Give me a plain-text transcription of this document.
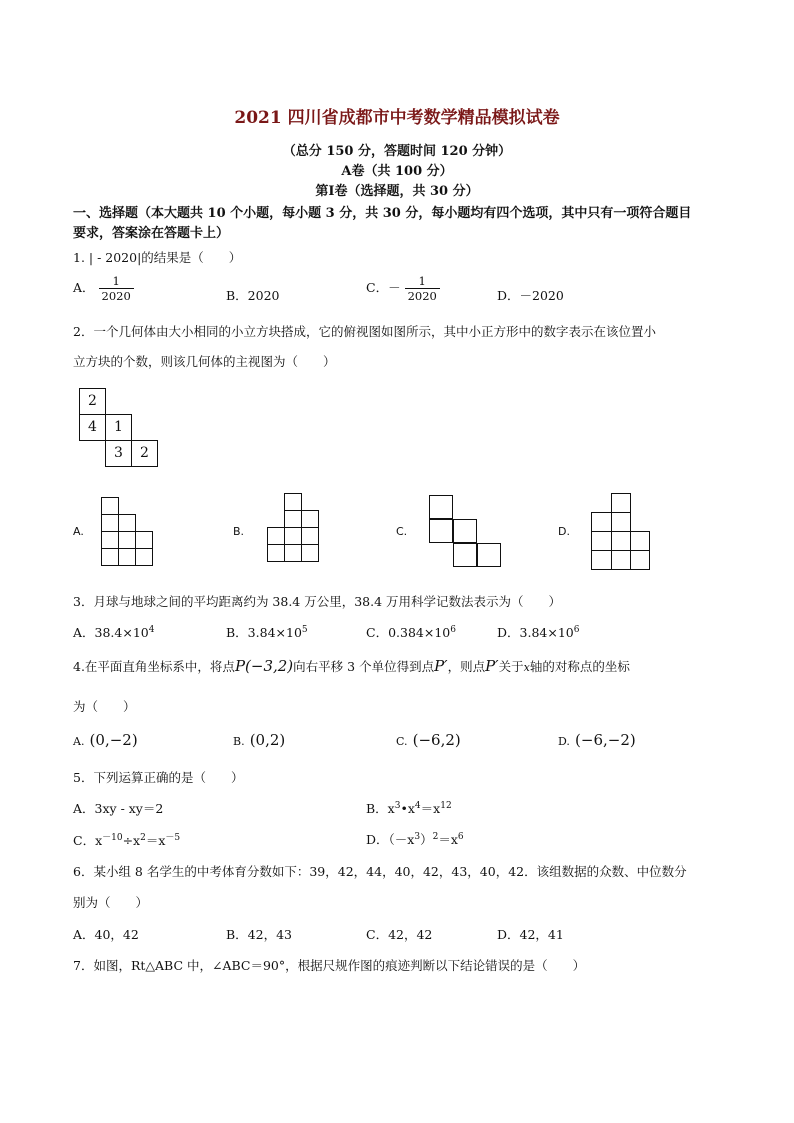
2021 四川省成都市中考数学精品模拟试卷
（总分 150 分，答题时间 120 分钟）
A卷（共 100 分）
第Ⅰ卷（选择题，共 30 分）
一、选择题（本大题共 10 个小题，每小题 3 分，共 30 分，每小题均有四个选项，其中只有一项符合题目
要求，答案涂在答题卡上）
1. | - 2020|的结果是（　　）
A． $\frac{1}{2020}$	B．2020
C．－ $\frac{1}{2020}$	D．－2020
2．一个几何体由大小相同的小立方块搭成，它的俯视图如图所示，其中小正方形中的数字表示在该位置小
立方块的个数，则该几何体的主视图为（　　）
2
4	1
3	2
A.	B.	C.	D.
3．月球与地球之间的平均距离约为 38.4 万公里，38.4 万用科学记数法表示为（　　）
A．$38.4\times 10^4$	B．$3.84\times 10^5$	C．$0.384\times 10^6$	D．$3.84\times 10^6$
4.在平面直角坐标系中，将点P(−3,2)向右平移 3 个单位得到点P′，则点P′关于x轴的对称点的坐标
为（　　）
A. (0,−2)	B. (0,2)	C. (−6,2)	D. (−6,−2)
5．下列运算正确的是（　　）
A．3xy - xy＝2	B．$x^3•x^4=x^{12}$
C．$x^{-10}\div x^2=x^{-5}$	D．$(-x^3)^2=x^6$
6．某小组 8 名学生的中考体育分数如下：39，42，44，40，42，43，40，42．该组数据的众数、中位数分
别为（　　）
A．40，42	B．42，43	C．42，42	D．42，41
7．如图，Rt△ABC 中，∠ABC＝90°，根据尺规作图的痕迹判断以下结论错误的是（　　）
